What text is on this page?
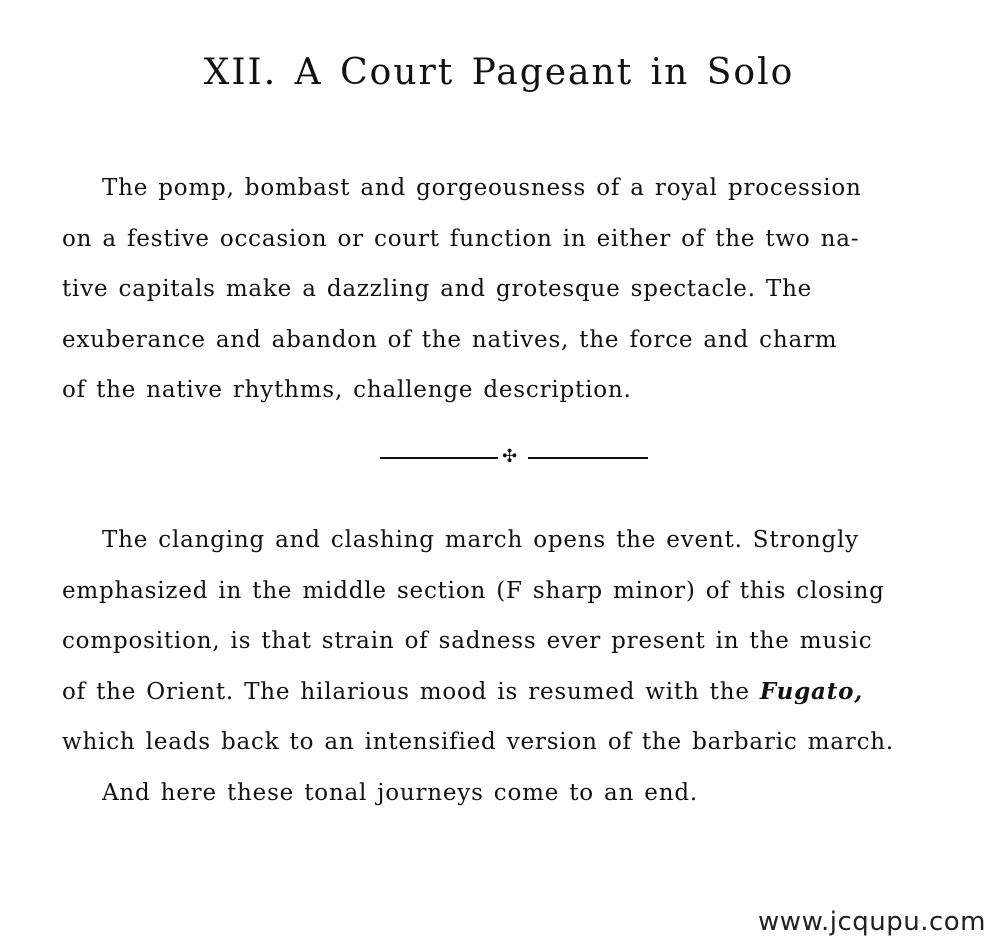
XII. A Court Pageant in Solo
The pomp, bombast and gorgeousness of a royal procession
on a festive occasion or court function in either of the two na-
tive capitals make a dazzling and grotesque spectacle. The
exuberance and abandon of the natives, the force and charm
of the native rhythms, challenge description.
✣
The clanging and clashing march opens the event. Strongly
emphasized in the middle section (F sharp minor) of this closing
composition, is that strain of sadness ever present in the music
of the Orient. The hilarious mood is resumed with the Fugato,
which leads back to an intensified version of the barbaric march.
And here these tonal journeys come to an end.
www.jcqupu.com
